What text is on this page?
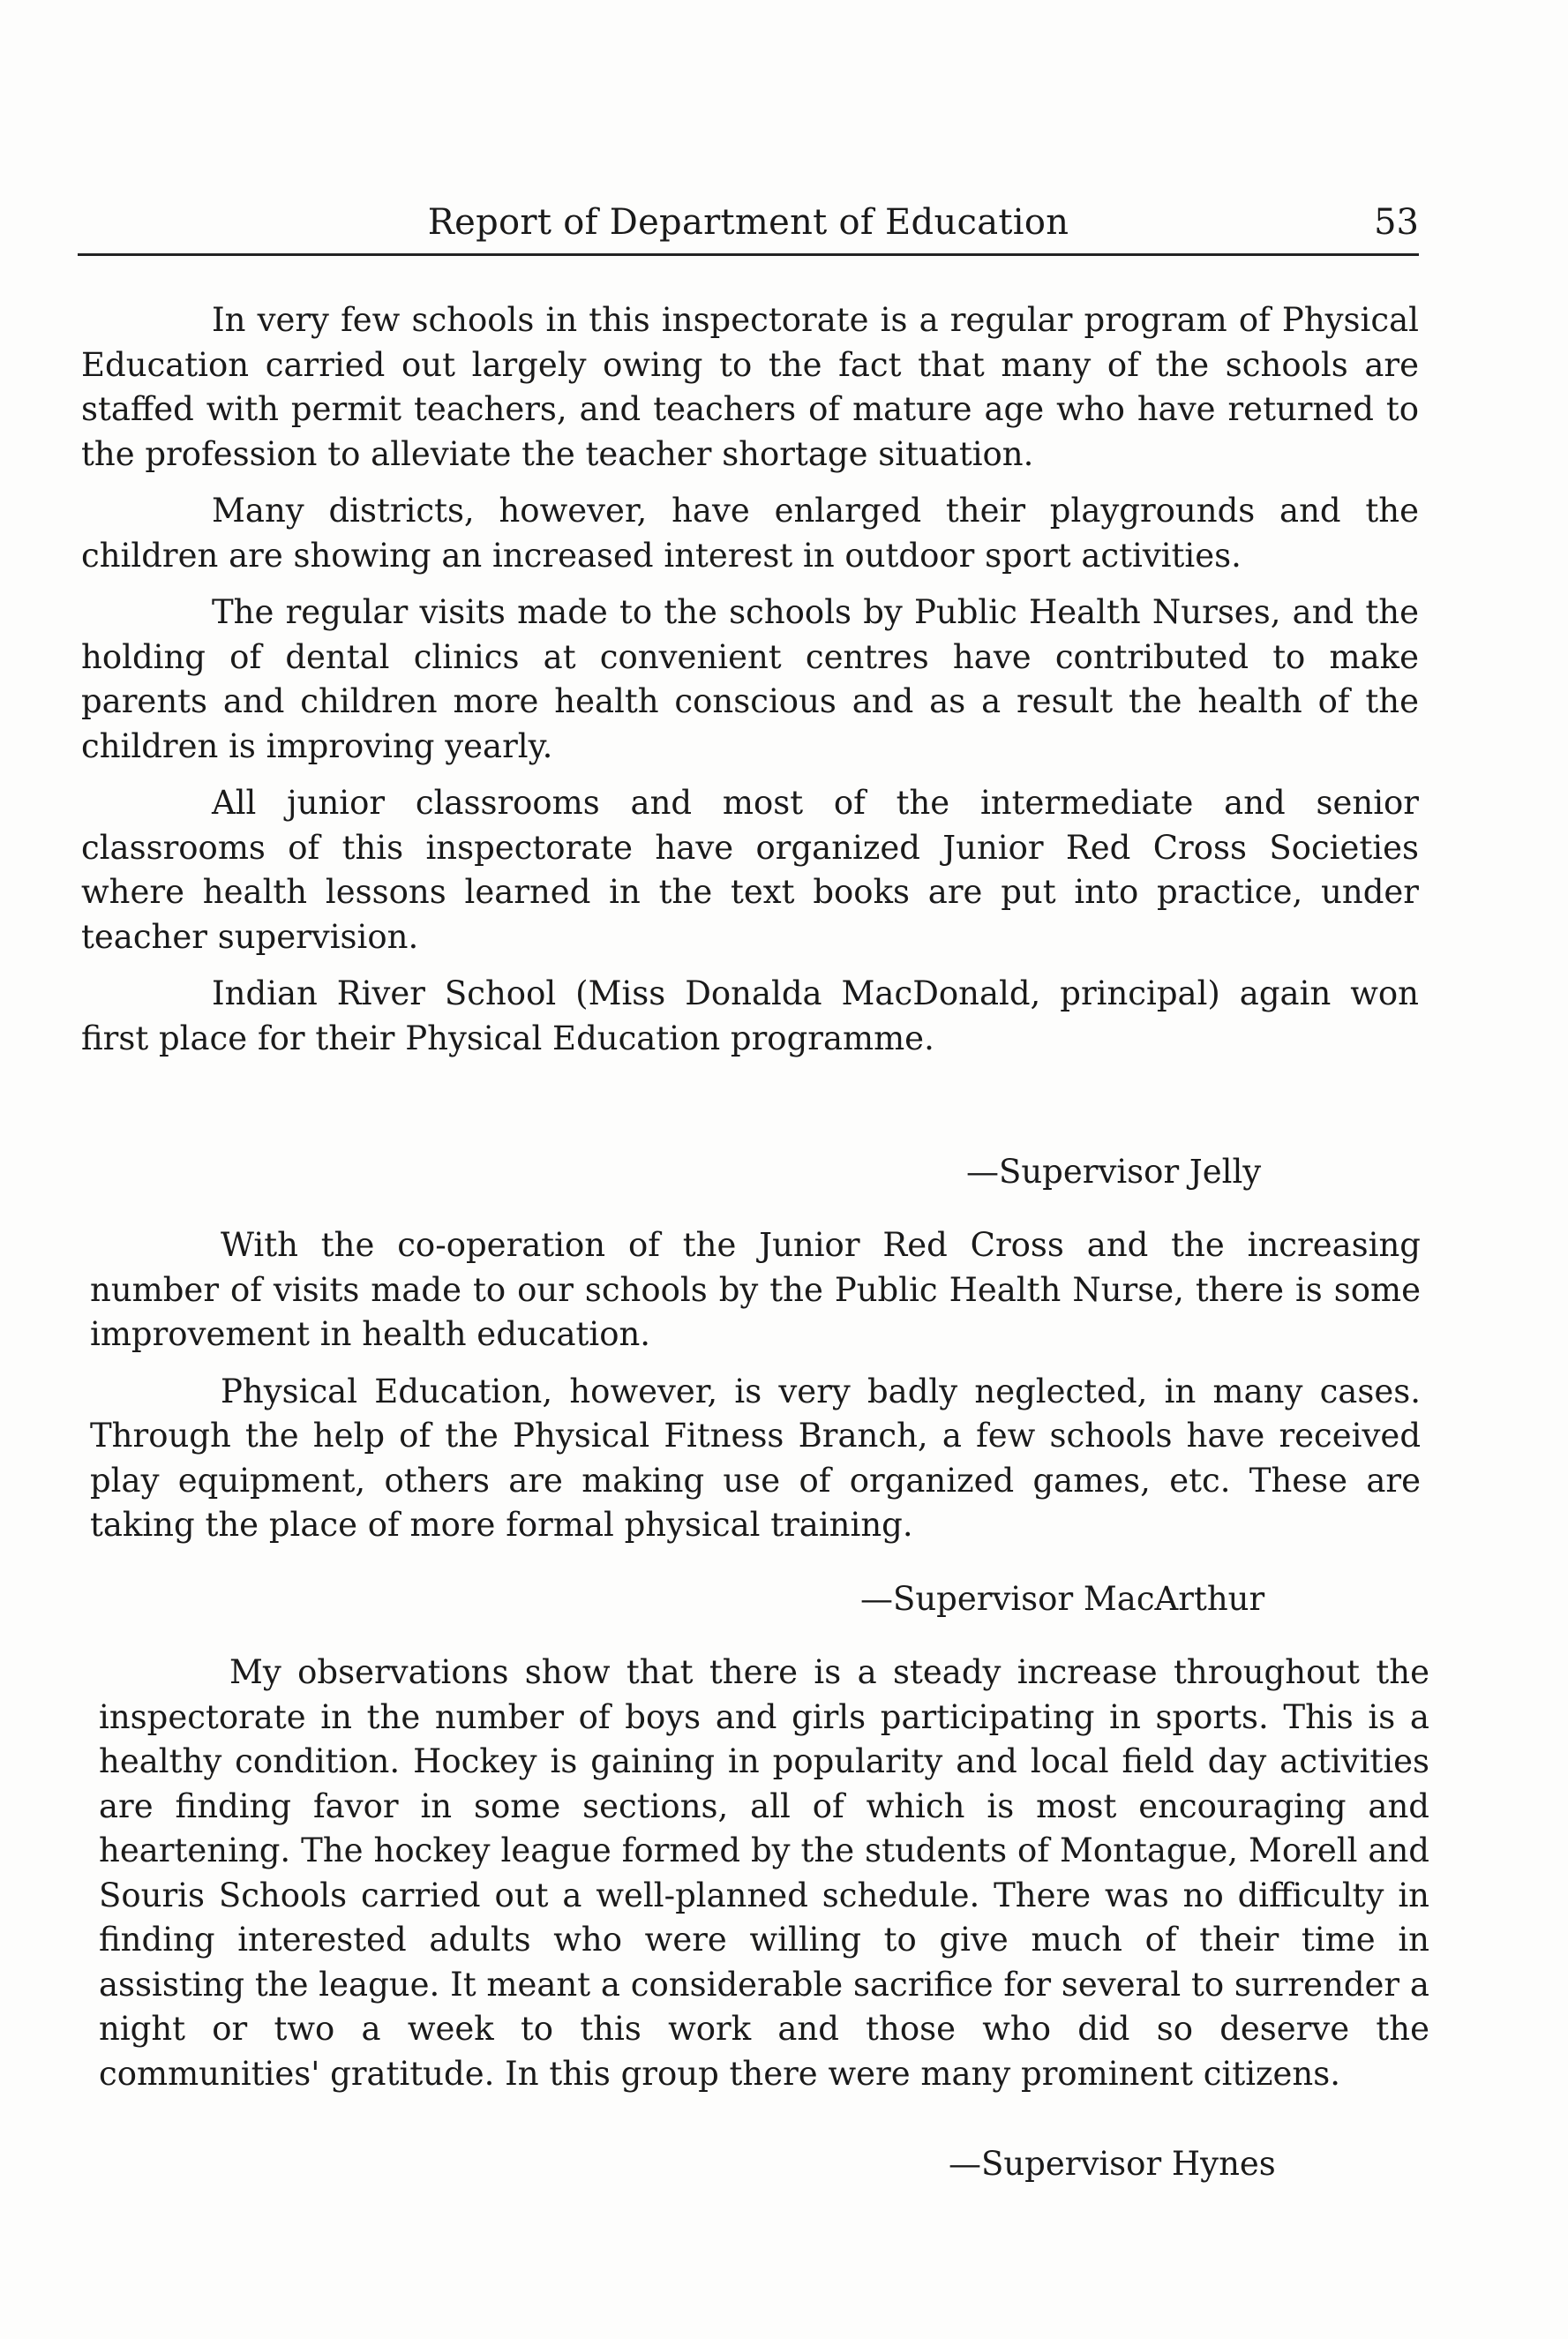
Report of Department of Education	53

In very few schools in this inspectorate is a regular program of Physical Education carried out largely owing to the fact that many of the schools are staffed with permit teachers, and teachers of mature age who have returned to the profession to alleviate the teacher shortage situation.

Many districts, however, have enlarged their playgrounds and the children are showing an increased interest in outdoor sport activities.

The regular visits made to the schools by Public Health Nurses, and the holding of dental clinics at convenient centres have contributed to make parents and children more health conscious and as a result the health of the children is improving yearly.

All junior classrooms and most of the intermediate and senior classrooms of this inspectorate have organized Junior Red Cross Societies where health lessons learned in the text books are put into practice, under teacher supervision.

Indian River School (Miss Donalda MacDonald, principal) again won first place for their Physical Education programme.

—Supervisor Jelly

With the co-operation of the Junior Red Cross and the increasing number of visits made to our schools by the Public Health Nurse, there is some improvement in health education.

Physical Education, however, is very badly neglected, in many cases. Through the help of the Physical Fitness Branch, a few schools have received play equipment, others are making use of organized games, etc. These are taking the place of more formal physical training.

—Supervisor MacArthur

My observations show that there is a steady increase throughout the inspectorate in the number of boys and girls participating in sports. This is a healthy condition. Hockey is gaining in popularity and local field day activities are finding favor in some sections, all of which is most encouraging and heartening. The hockey league formed by the students of Montague, Morell and Souris Schools carried out a well-planned schedule. There was no difficulty in finding interested adults who were willing to give much of their time in assisting the league. It meant a considerable sacrifice for several to surrender a night or two a week to this work and those who did so deserve the communities' gratitude. In this group there were many prominent citizens.

—Supervisor Hynes
